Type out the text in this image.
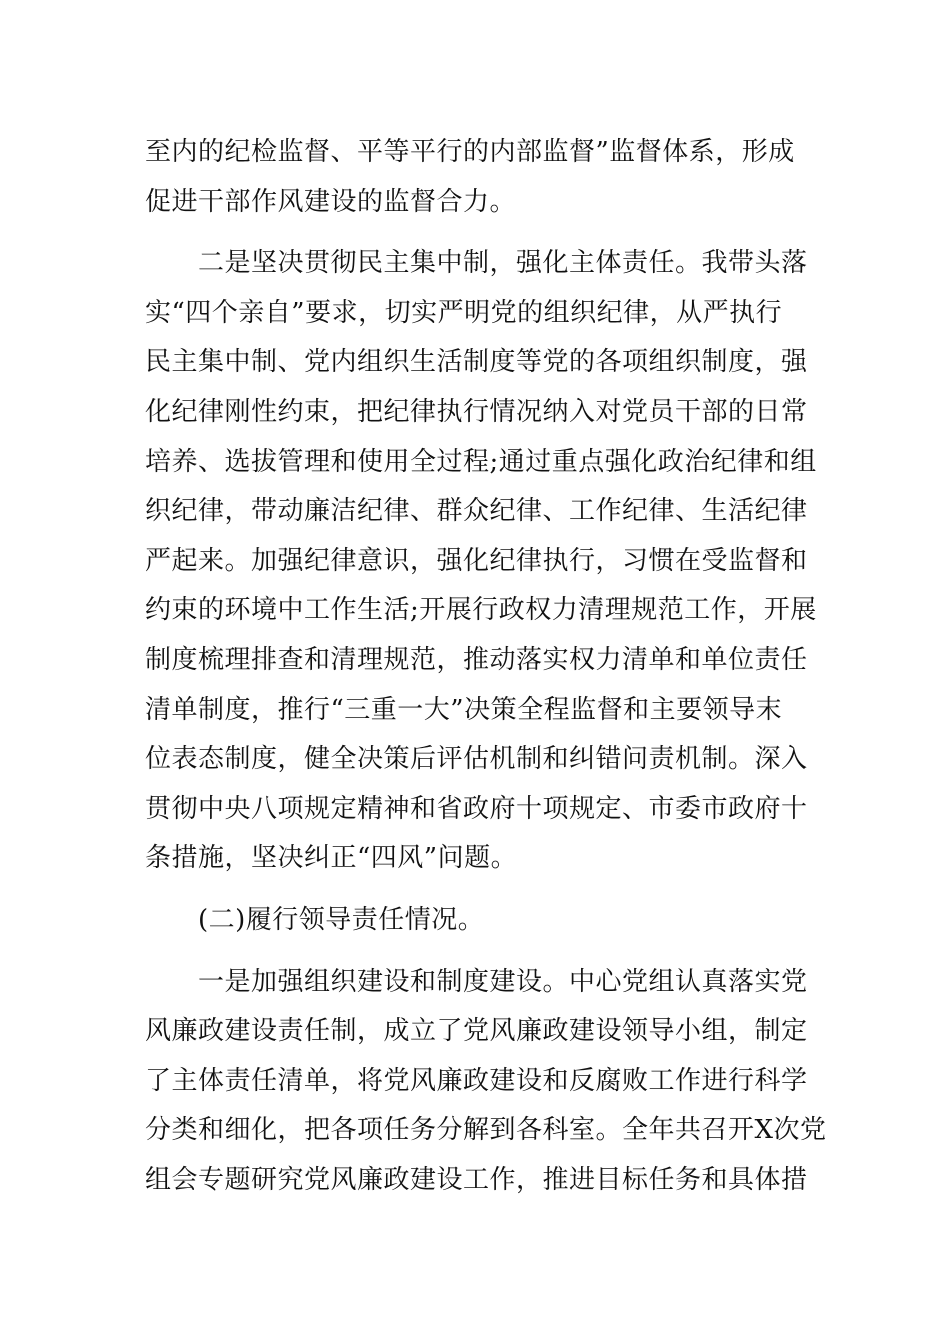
至内的纪检监督、平等平行的内部监督”监督体系，形成
促进干部作风建设的监督合力。
二是坚决贯彻民主集中制，强化主体责任。我带头落
实“四个亲自”要求，切实严明党的组织纪律，从严执行
民主集中制、党内组织生活制度等党的各项组织制度，强
化纪律刚性约束，把纪律执行情况纳入对党员干部的日常
培养、选拔管理和使用全过程;通过重点强化政治纪律和组
织纪律，带动廉洁纪律、群众纪律、工作纪律、生活纪律
严起来。加强纪律意识，强化纪律执行，习惯在受监督和
约束的环境中工作生活;开展行政权力清理规范工作，开展
制度梳理排查和清理规范，推动落实权力清单和单位责任
清单制度，推行“三重一大”决策全程监督和主要领导末
位表态制度，健全决策后评估机制和纠错问责机制。深入
贯彻中央八项规定精神和省政府十项规定、市委市政府十
条措施，坚决纠正“四风”问题。
(二)履行领导责任情况。
一是加强组织建设和制度建设。中心党组认真落实党
风廉政建设责任制，成立了党风廉政建设领导小组，制定
了主体责任清单，将党风廉政建设和反腐败工作进行科学
分类和细化，把各项任务分解到各科室。全年共召开X次党
组会专题研究党风廉政建设工作，推进目标任务和具体措
